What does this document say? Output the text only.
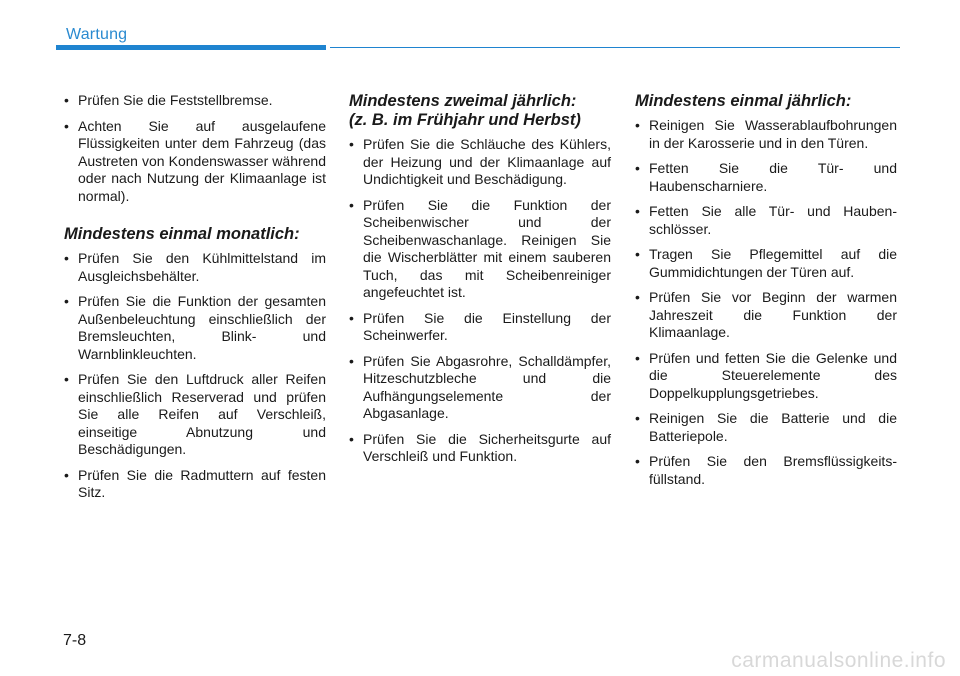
Wartung
• Prüfen Sie die Feststellbremse.
• Achten Sie auf ausgelaufene Flüssigkeiten unter dem Fahrzeug (das Austreten von Kondenswasser während oder nach Nutzung der Klimaanlage ist normal).
Mindestens einmal monatlich:
• Prüfen Sie den Kühlmittelstand im Ausgleichsbehälter.
• Prüfen Sie die Funktion der gesamten Außenbeleuchtung einschließlich der Bremsleuchten, Blink- und Warnblinkleuchten.
• Prüfen Sie den Luftdruck aller Reifen einschließlich Reserverad und prüfen Sie alle Reifen auf Verschleiß, einseitige Abnutzung und Beschädigungen.
• Prüfen Sie die Radmuttern auf festen Sitz.
Mindestens zweimal jährlich:
(z. B. im Frühjahr und Herbst)
• Prüfen Sie die Schläuche des Kühlers, der Heizung und der Klimaanlage auf Undichtigkeit und Beschädigung.
• Prüfen Sie die Funktion der Scheibenwischer und der Scheibenwaschanlage. Reinigen Sie die Wischerblätter mit einem sauberen Tuch, das mit Scheibenreiniger angefeuchtet ist.
• Prüfen Sie die Einstellung der Scheinwerfer.
• Prüfen Sie Abgasrohre, Schalldämpfer, Hitzeschutzbleche und die Aufhängungselemente der Abgasanlage.
• Prüfen Sie die Sicherheitsgurte auf Verschleiß und Funktion.
Mindestens einmal jährlich:
• Reinigen Sie Wasserablaufbohrungen in der Karosserie und in den Türen.
• Fetten Sie die Tür- und Haubenscharniere.
• Fetten Sie alle Tür- und Haubenschlösser.
• Tragen Sie Pflegemittel auf die Gummidichtungen der Türen auf.
• Prüfen Sie vor Beginn der warmen Jahreszeit die Funktion der Klimaanlage.
• Prüfen und fetten Sie die Gelenke und die Steuerelemente des Doppelkupplungsgetriebes.
• Reinigen Sie die Batterie und die Batteriepole.
• Prüfen Sie den Bremsflüssigkeitsfüllstand.
7-8
carmanualsonline.info
